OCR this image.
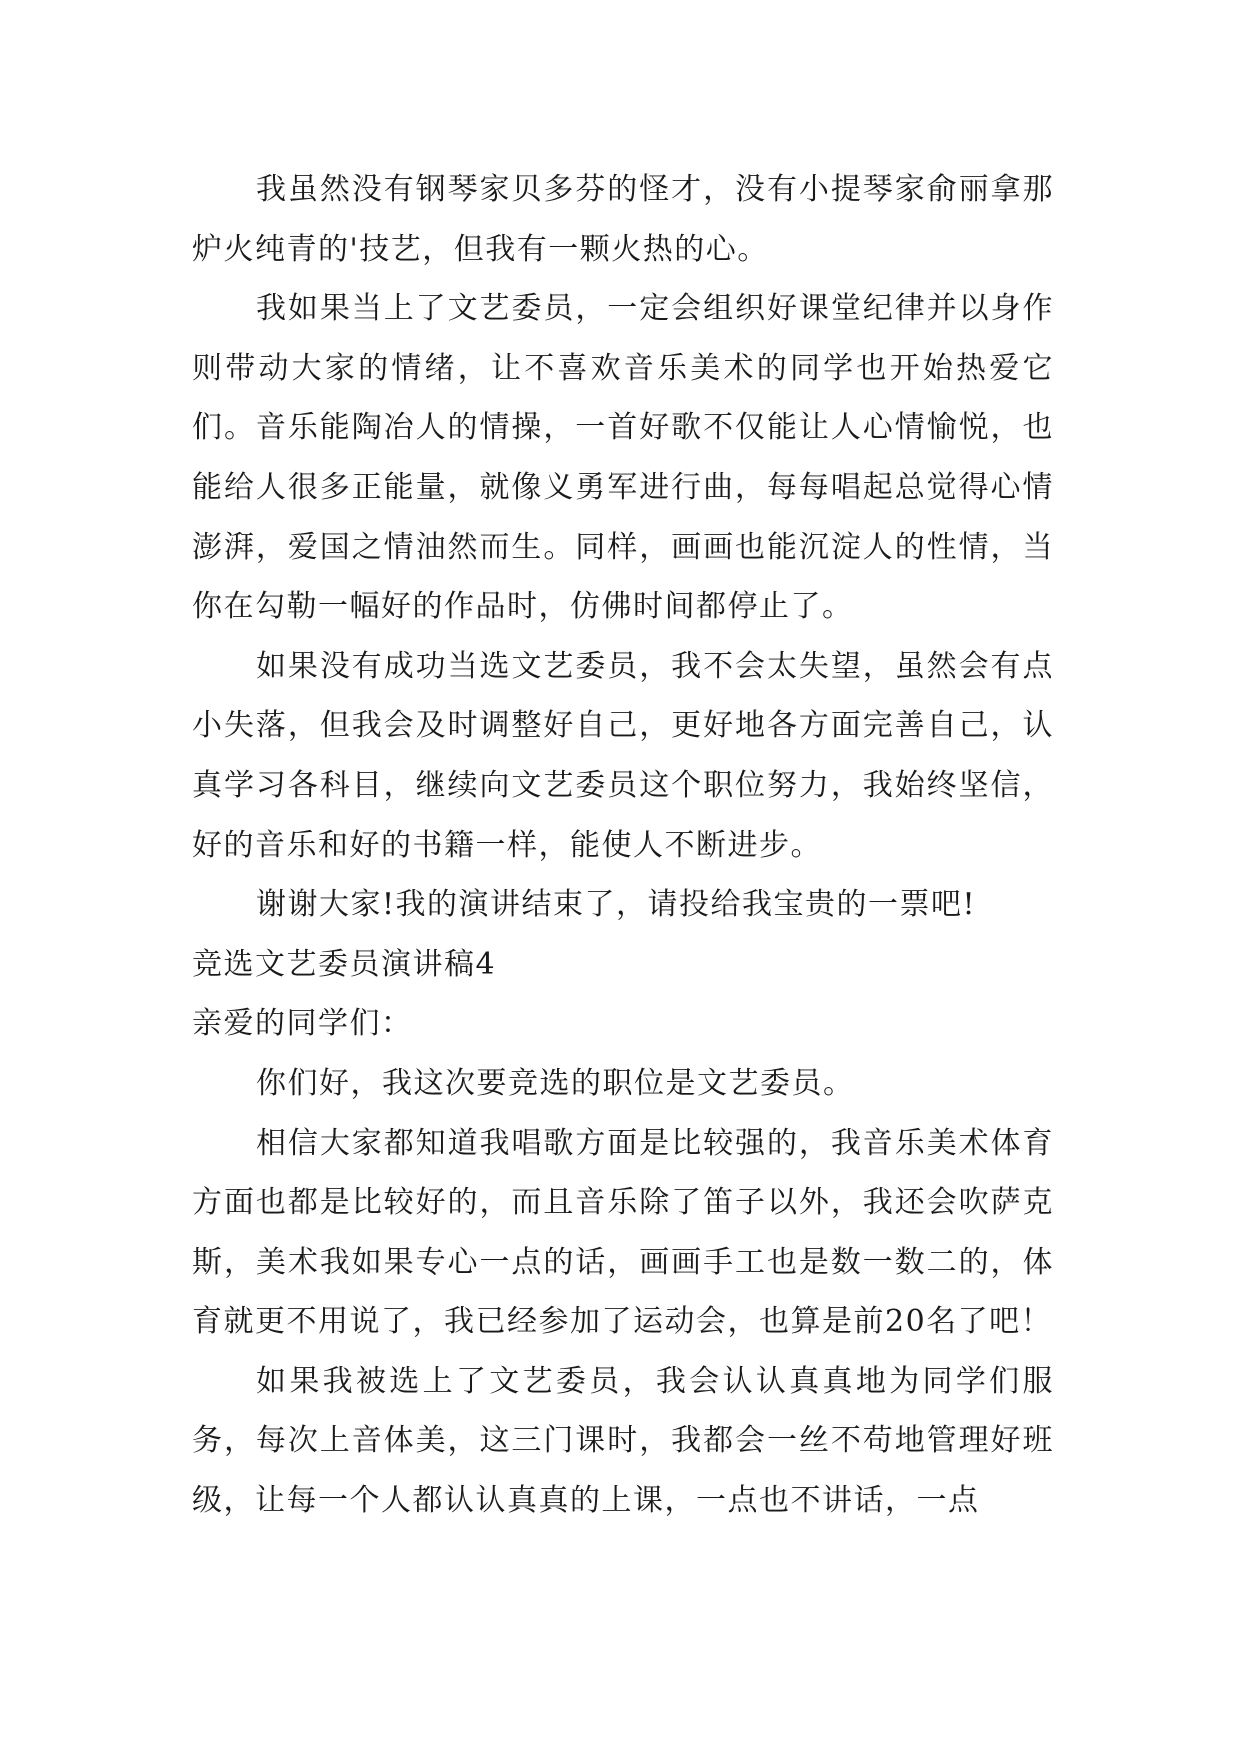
我虽然没有钢琴家贝多芬的怪才，没有小提琴家俞丽拿那炉火纯青的'技艺，但我有一颗火热的心。

我如果当上了文艺委员，一定会组织好课堂纪律并以身作则带动大家的情绪，让不喜欢音乐美术的同学也开始热爱它们。音乐能陶冶人的情操，一首好歌不仅能让人心情愉悦，也能给人很多正能量，就像义勇军进行曲，每每唱起总觉得心情澎湃，爱国之情油然而生。同样，画画也能沉淀人的性情，当你在勾勒一幅好的作品时，仿佛时间都停止了。

如果没有成功当选文艺委员，我不会太失望，虽然会有点小失落，但我会及时调整好自己，更好地各方面完善自己，认真学习各科目，继续向文艺委员这个职位努力，我始终坚信，好的音乐和好的书籍一样，能使人不断进步。

谢谢大家!我的演讲结束了，请投给我宝贵的一票吧!

竞选文艺委员演讲稿4

亲爱的同学们：

你们好，我这次要竞选的职位是文艺委员。

相信大家都知道我唱歌方面是比较强的，我音乐美术体育方面也都是比较好的，而且音乐除了笛子以外，我还会吹萨克斯，美术我如果专心一点的话，画画手工也是数一数二的，体育就更不用说了，我已经参加了运动会，也算是前20名了吧！

如果我被选上了文艺委员，我会认认真真地为同学们服务，每次上音体美，这三门课时，我都会一丝不苟地管理好班级，让每一个人都认认真真的上课，一点也不讲话，一点
